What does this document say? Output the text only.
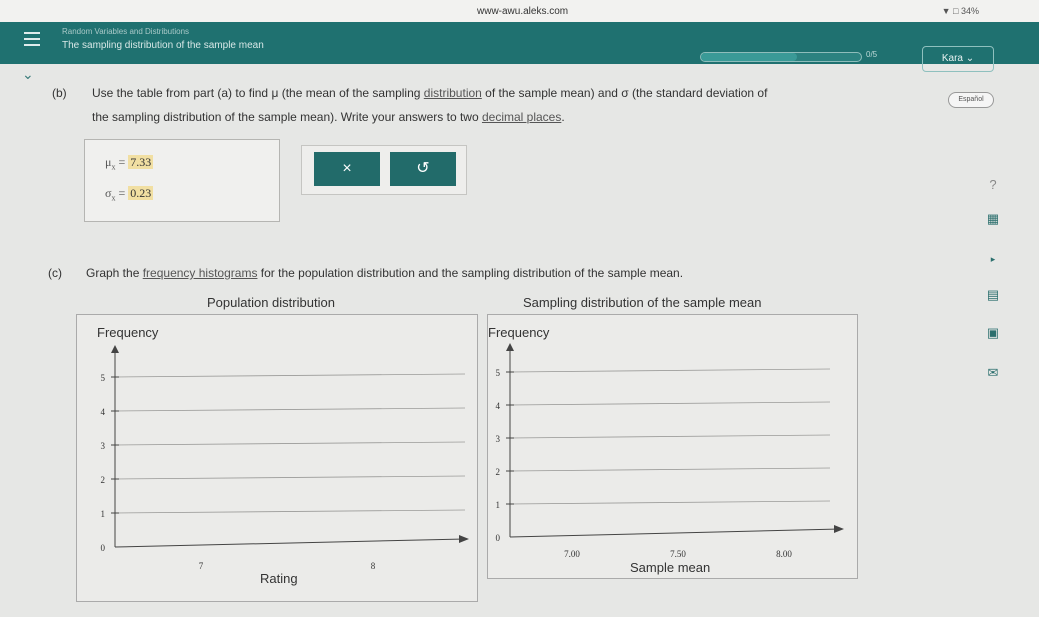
www-awu.aleks.com	▼ □ 34%
Random Variables and Distributions
The sampling distribution of the sample mean
0/5	Kara ⌄
⌄
Español
(b) Use the table from part (a) to find μ (the mean of the sampling distribution of the sample mean) and σ (the standard deviation of
the sampling distribution of the sample mean). Write your answers to two decimal places.
$\mu_x = 7.33$
$\sigma_x = 0.23$
×	↺
?
▦
▸
▤
▣
✉
(c) Graph the frequency histograms for the population distribution and the sampling distribution of the sample mean.
Population distribution	Sampling distribution of the sample mean
Frequency
Rating
0
1
2
3
4
5
7	8
Frequency
Sample mean
0
1
2
3
4
5
7.00	7.50	8.00
